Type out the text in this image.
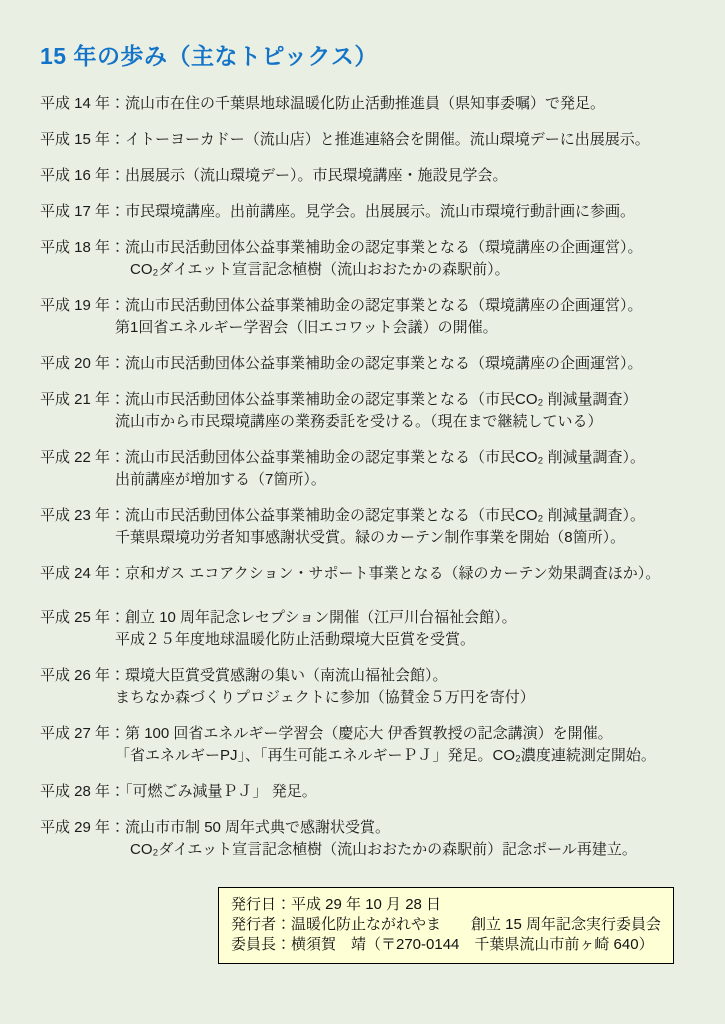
15 年の歩み（主なトピックス）
平成 14 年：流山市在住の千葉県地球温暖化防止活動推進員（県知事委嘱）で発足。
平成 15 年：イトーヨーカドー（流山店）と推進連絡会を開催。流山環境デーに出展展示。
平成 16 年：出展展示（流山環境デー）。市民環境講座・施設見学会。
平成 17 年：市民環境講座。出前講座。見学会。出展展示。流山市環境行動計画に参画。
平成 18 年：流山市民活動団体公益事業補助金の認定事業となる（環境講座の企画運営）。
CO₂ダイエット宣言記念植樹（流山おおたかの森駅前）。
平成 19 年：流山市民活動団体公益事業補助金の認定事業となる（環境講座の企画運営）。
第1回省エネルギー学習会（旧エコワット会議）の開催。
平成 20 年：流山市民活動団体公益事業補助金の認定事業となる（環境講座の企画運営）。
平成 21 年：流山市民活動団体公益事業補助金の認定事業となる（市民CO₂ 削減量調査）
流山市から市民環境講座の業務委託を受ける。（現在まで継続している）
平成 22 年：流山市民活動団体公益事業補助金の認定事業となる（市民CO₂ 削減量調査）。
出前講座が増加する（7箇所）。
平成 23 年：流山市民活動団体公益事業補助金の認定事業となる（市民CO₂ 削減量調査）。
千葉県環境功労者知事感謝状受賞。緑のカーテン制作事業を開始（8箇所）。
平成 24 年：京和ガス エコアクション・サポート事業となる（緑のカーテン効果調査ほか）。
平成 25 年：創立 10 周年記念レセプション開催（江戸川台福祉会館）。
平成２５年度地球温暖化防止活動環境大臣賞を受賞。
平成 26 年：環境大臣賞受賞感謝の集い（南流山福祉会館）。
まちなか森づくりプロジェクトに参加（協賛金５万円を寄付）
平成 27 年：第 100 回省エネルギー学習会（慶応大 伊香賀教授の記念講演）を開催。
「省エネルギーPJ」、「再生可能エネルギーＰＪ」発足。CO₂濃度連続測定開始。
平成 28 年：「可燃ごみ減量ＰＪ」 発足。
平成 29 年：流山市市制 50 周年式典で感謝状受賞。
CO₂ダイエット宣言記念植樹（流山おおたかの森駅前）記念ポール再建立。
発行日：平成 29 年 10 月 28 日
発行者：温暖化防止ながれやま　　創立 15 周年記念実行委員会
委員長：横須賀　靖（〒270-0144　千葉県流山市前ヶ崎 640）
